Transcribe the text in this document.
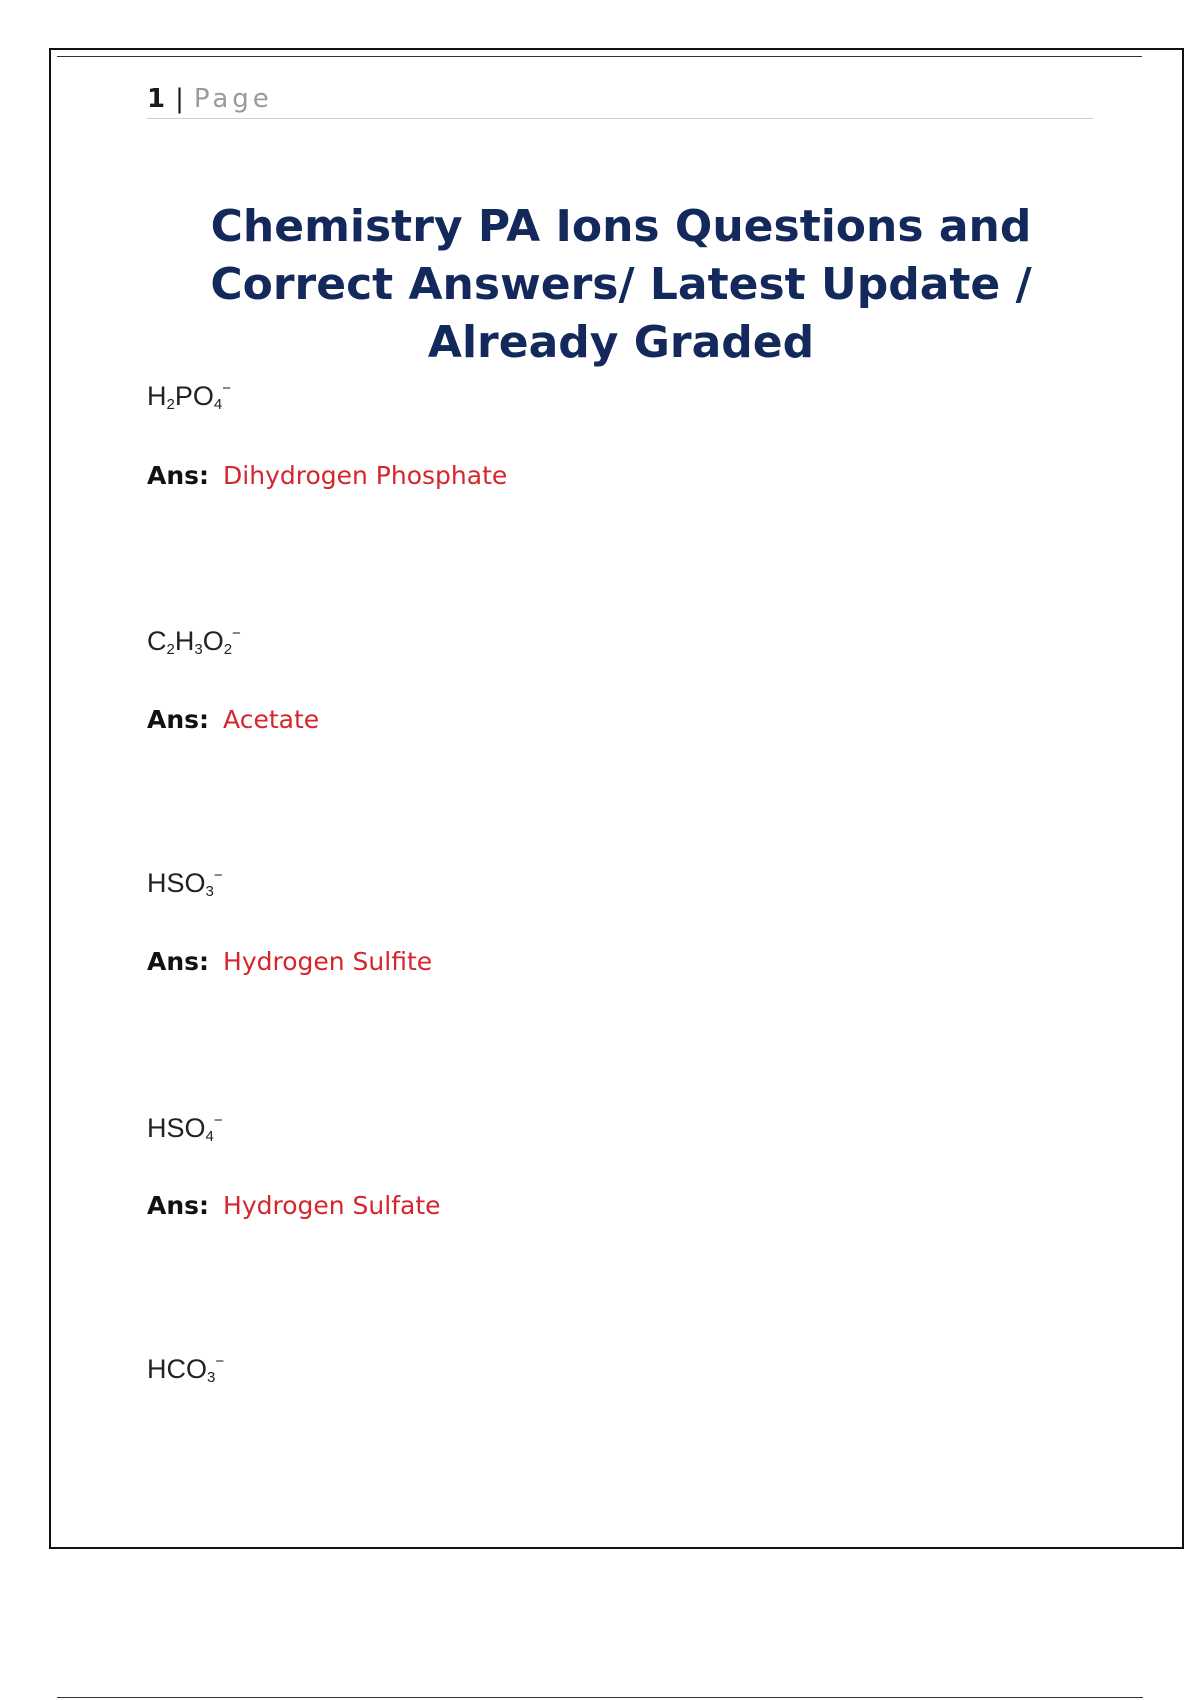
1 | Page
Chemistry PA Ions Questions and Correct Answers/ Latest Update / Already Graded
$H_2PO_4^-$
Ans: Dihydrogen Phosphate
$C_2H_3O_2^-$
Ans: Acetate
$HSO_3^-$
Ans: Hydrogen Sulfite
$HSO_4^-$
Ans: Hydrogen Sulfate
$HCO_3^-$
